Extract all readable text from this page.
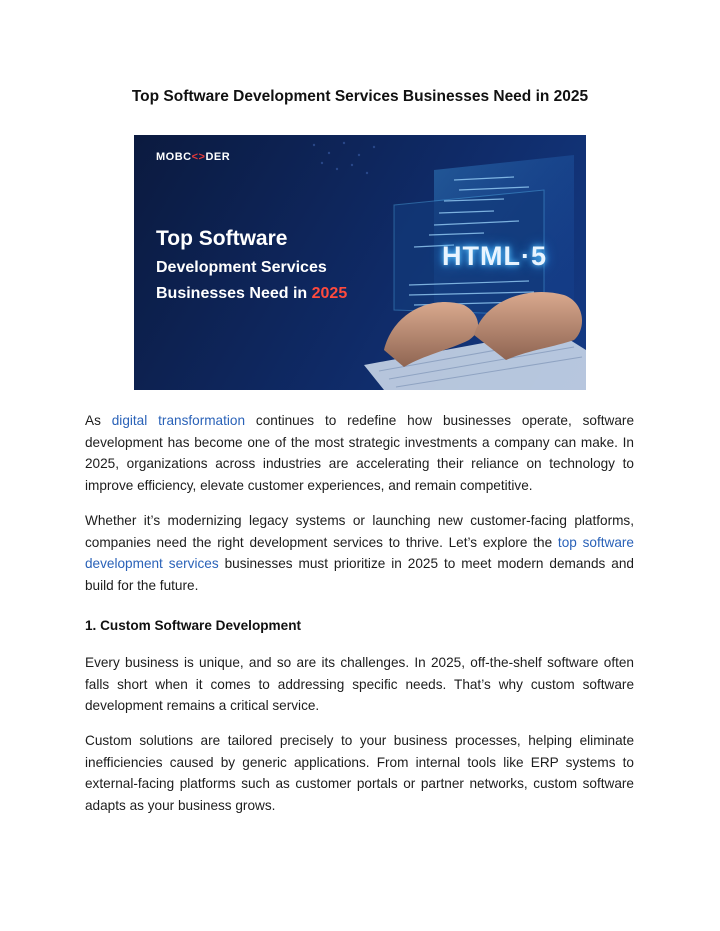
Top Software Development Services Businesses Need in 2025
MOBC<>DER
Top Software
Development Services
Businesses Need in 2025
HTML·5
As digital transformation continues to redefine how businesses operate, software development has become one of the most strategic investments a company can make. In 2025, organizations across industries are accelerating their reliance on technology to improve efficiency, elevate customer experiences, and remain competitive.
Whether it’s modernizing legacy systems or launching new customer-facing platforms, companies need the right development services to thrive. Let’s explore the top software development services businesses must prioritize in 2025 to meet modern demands and build for the future.
1. Custom Software Development
Every business is unique, and so are its challenges. In 2025, off-the-shelf software often falls short when it comes to addressing specific needs. That’s why custom software development remains a critical service.
Custom solutions are tailored precisely to your business processes, helping eliminate inefficiencies caused by generic applications. From internal tools like ERP systems to external-facing platforms such as customer portals or partner networks, custom software adapts as your business grows.
